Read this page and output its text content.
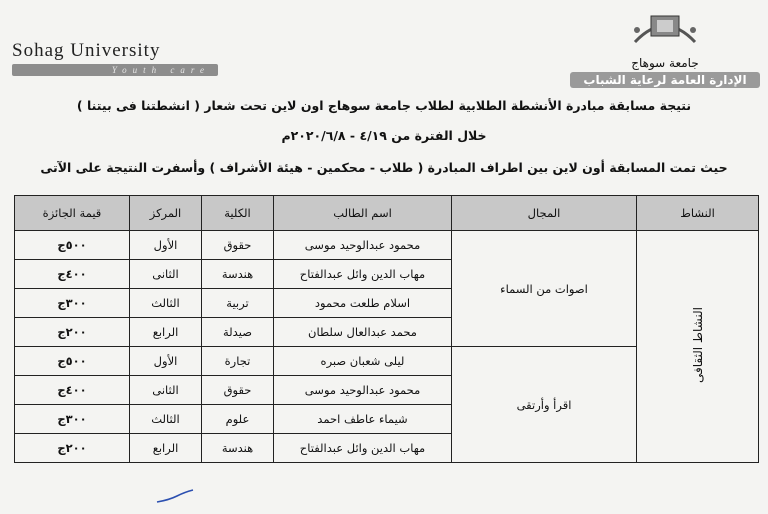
Sohag University
Youth care	جامعة سوهاج
الإدارة العامة لرعاية الشباب
نتيجة مسابقة مبادرة الأنشطة الطلابية لطلاب جامعة سوهاج اون لاين تحت شعار ( انشطتنا فى بيتنا )
خلال الفترة من ٤/١٩ - ٢٠٢٠/٦/٨م
حيث تمت المسابقة أون لاين بين اطراف المبادرة ( طلاب - محكمين - هيئة الأشراف ) وأسفرت النتيجة على الآتى
قيمة الجائزة	المركز	الكلية	اسم الطالب	المجال	النشاط
٥٠٠ج	الأول	حقوق	محمود عبدالوحيد موسى	اصوات من السماء	النشاط الثقافى
٤٠٠ج	الثانى	هندسة	مهاب الدين وائل عبدالفتاح		
٣٠٠ج	الثالث	تربية	اسلام طلعت محمود		
٢٠٠ج	الرابع	صيدلة	محمد عبدالعال سلطان		
٥٠٠ج	الأول	تجارة	ليلى شعبان صبره	اقرأ وأرتقى	
٤٠٠ج	الثانى	حقوق	محمود عبدالوحيد موسى		
٣٠٠ج	الثالث	علوم	شيماء عاطف احمد		
٢٠٠ج	الرابع	هندسة	مهاب الدين وائل عبدالفتاح		
